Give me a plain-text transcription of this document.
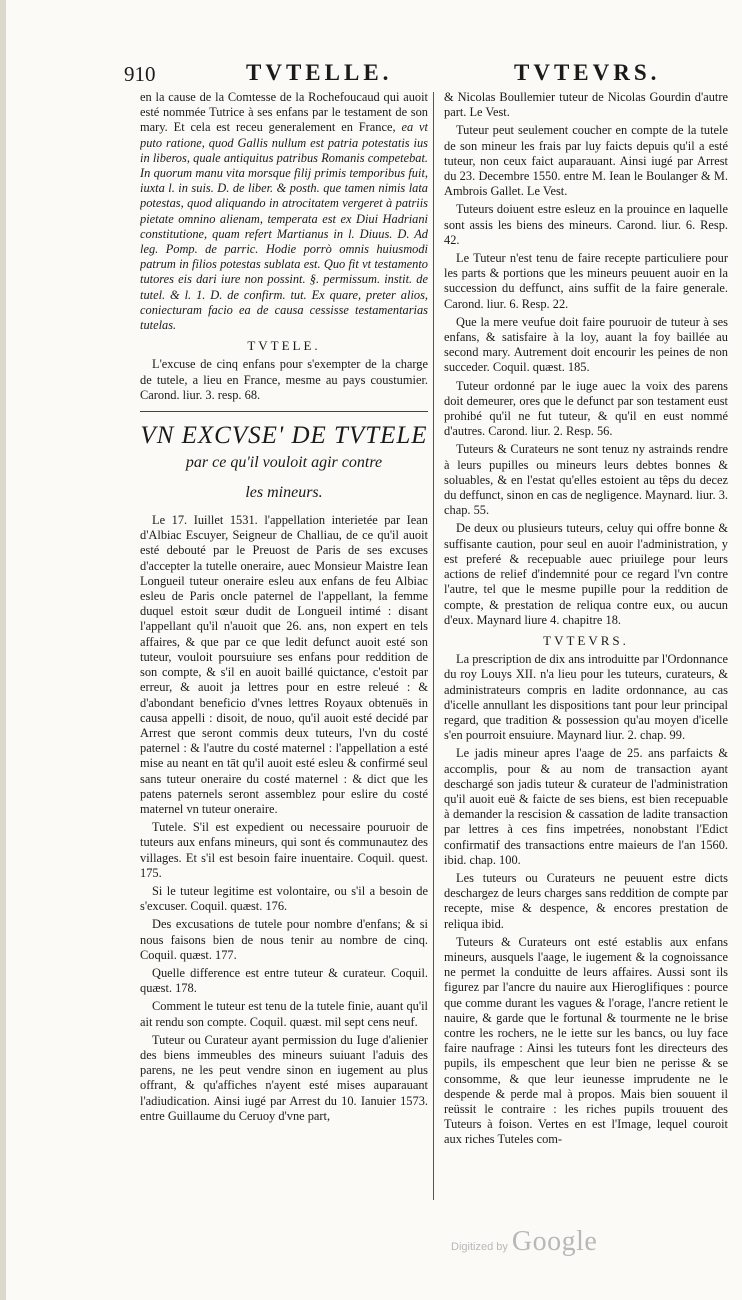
910	TVTELLE.	TVTEVRS.

en la cause de la Comtesse de la Rochefoucaud qui auoit esté nommée Tutrice à ses enfans par le testament de son mary. Et cela est receu generalement en France, ea vt puto ratione, quod Gallis nullum est patria potestatis ius in liberos, quale antiquitus patribus Romanis competebat. In quorum manu vita morsque filij primis temporibus fuit, iuxta l. in suis. D. de liber. & posth. que tamen nimis lata potestas, quod aliquando in atrocitatem vergeret à patriis pietate omnino alienam, temperata est ex Diui Hadriani constitutione, quam refert Martianus in l. Diuus. D. Ad leg. Pomp. de parric. Hodie porrò omnis huiusmodi patrum in filios potestas sublata est. Quo fit vt testamento tutores eis dari iure non possint. §. permissum. instit. de tutel. & l. 1. D. de confirm. tut. Ex quare, preter alios, coniecturam facio ea de causa cessisse testamentarias tutelas.

TVTELE.

L'excuse de cinq enfans pour s'exempter de la charge de tutele, a lieu en France, mesme au pays coustumier. Carond. liur. 3. resp. 68.

VN EXCVSE' DE TVTELE
par ce qu'il vouloit agir contre
les mineurs.

Le 17. Iuillet 1531. l'appellation interietée par Iean d'Albiac Escuyer, Seigneur de Challiau, de ce qu'il auoit esté debouté par le Preuost de Paris de ses excuses d'accepter la tutelle oneraire, auec Monsieur Maistre Iean Longueil tuteur oneraire esleu aux enfans de feu Albiac esleu de Paris oncle paternel de l'appellant, la femme duquel estoit sœur dudit de Longueil intimé : disant l'appellant qu'il n'auoit que 26. ans, non expert en tels affaires, & que par ce que ledit defunct auoit esté son tuteur, vouloit poursuiure ses enfans pour reddition de son compte, & s'il en auoit baillé quictance, c'estoit par erreur, & auoit ja lettres pour en estre releué : & d'abondant beneficio d'vnes lettres Royaux obtenuës in causa appelli : disoit, de nouo, qu'il auoit esté decidé par Arrest que seront commis deux tuteurs, l'vn du costé paternel : & l'autre du costé maternel : l'appellation a esté mise au neant en tāt qu'il auoit esté esleu & confirmé seul sans tuteur oneraire du costé maternel : & dict que les patens paternels seront assemblez pour eslire du costé maternel vn tuteur oneraire.

Tutele. S'il est expedient ou necessaire pouruoir de tuteurs aux enfans mineurs, qui sont és communautez des villages. Et s'il est besoin faire inuentaire. Coquil. quest. 175.

Si le tuteur legitime est volontaire, ou s'il a besoin de s'excuser. Coquil. quæst. 176.

Des excusations de tutele pour nombre d'enfans; & si nous faisons bien de nous tenir au nombre de cinq. Coquil. quæst. 177.

Quelle difference est entre tuteur & curateur. Coquil. quæst. 178.

Comment le tuteur est tenu de la tutele finie, auant qu'il ait rendu son compte. Coquil. quæst. mil sept cens neuf.

Tuteur ou Curateur ayant permission du Iuge d'alienier des biens immeubles des mineurs suiuant l'aduis des parens, ne les peut vendre sinon en iugement au plus offrant, & qu'affiches n'ayent esté mises auparauant l'adiudication. Ainsi iugé par Arrest du 10. Ianuier 1573. entre Guillaume du Ceruoy d'vne part,

& Nicolas Boullemier tuteur de Nicolas Gourdin d'autre part. Le Vest.

Tuteur peut seulement coucher en compte de la tutele de son mineur les frais par luy faicts depuis qu'il a esté tuteur, non ceux faict auparauant. Ainsi iugé par Arrest du 23. Decembre 1550. entre M. Iean le Boulanger & M. Ambrois Gallet. Le Vest.

Tuteurs doiuent estre esleuz en la prouince en laquelle sont assis les biens des mineurs. Carond. liur. 6. Resp. 42.

Le Tuteur n'est tenu de faire recepte particuliere pour les parts & portions que les mineurs peuuent auoir en la succession du deffunct, ains suffit de la faire generale. Carond. liur. 6. Resp. 22.

Que la mere veufue doit faire pouruoir de tuteur à ses enfans, & satisfaire à la loy, auant la foy baillée au second mary. Autrement doit encourir les peines de non succeder. Coquil. quæst. 185.

Tuteur ordonné par le iuge auec la voix des parens doit demeurer, ores que le defunct par son testament eust prohibé qu'il ne fut tuteur, & qu'il en eust nommé d'autres. Carond. liur. 2. Resp. 56.

Tuteurs & Curateurs ne sont tenuz ny astrainds rendre à leurs pupilles ou mineurs leurs debtes bonnes & soluables, & en l'estat qu'elles estoient au têps du decez du deffunct, sinon en cas de negligence. Maynard. liur. 3. chap. 55.

De deux ou plusieurs tuteurs, celuy qui offre bonne & suffisante caution, pour seul en auoir l'administration, y est preferé & recepuable auec priuilege pour leurs actions de relief d'indemnité pour ce regard l'vn contre l'autre, tel que le mesme pupille pour la reddition de compte, & prestation de reliqua contre eux, ou aucun d'eux. Maynard liure 4. chapitre 18.

TVTEVRS.

La prescription de dix ans introduitte par l'Ordonnance du roy Louys XII. n'a lieu pour les tuteurs, curateurs, & administrateurs compris en ladite ordonnance, au cas d'icelle annullant les dispositions tant pour leur principal regard, que tradition & possession qu'au moyen d'icelle s'en pourroit ensuiure. Maynard liur. 2. chap. 99.

Le jadis mineur apres l'aage de 25. ans parfaicts & accomplis, pour & au nom de transaction ayant deschargé son jadis tuteur & curateur de l'administration qu'il auoit euë & faicte de ses biens, est bien recepuable à demander la rescision & cassation de ladite transaction par lettres à ces fins impetrées, nonobstant l'Edict confirmatif des transactions entre maieurs de l'an 1560. ibid. chap. 100.

Les tuteurs ou Curateurs ne peuuent estre dicts deschargez de leurs charges sans reddition de compte par recepte, mise & despence, & encores prestation de reliqua ibid.

Tuteurs & Curateurs ont esté establis aux enfans mineurs, ausquels l'aage, le iugement & la cognoissance ne permet la conduitte de leurs affaires. Aussi sont ils figurez par l'ancre du nauire aux Hieroglifiques : pource que comme durant les vagues & l'orage, l'ancre retient le nauire, & garde que le fortunal & tourmente ne le brise contre les rochers, ne le iette sur les bancs, ou luy face faire naufrage : Ainsi les tuteurs font les directeurs des pupils, ils empeschent que leur bien ne perisse & se consomme, & que leur ieunesse imprudente ne le despende & perde mal à propos. Mais bien souuent il reüssit le contraire : les riches pupils trouuent des Tuteurs à foison. Vertes en est l'Image, lequel couroit aux riches Tuteles com-

Digitized by Google
